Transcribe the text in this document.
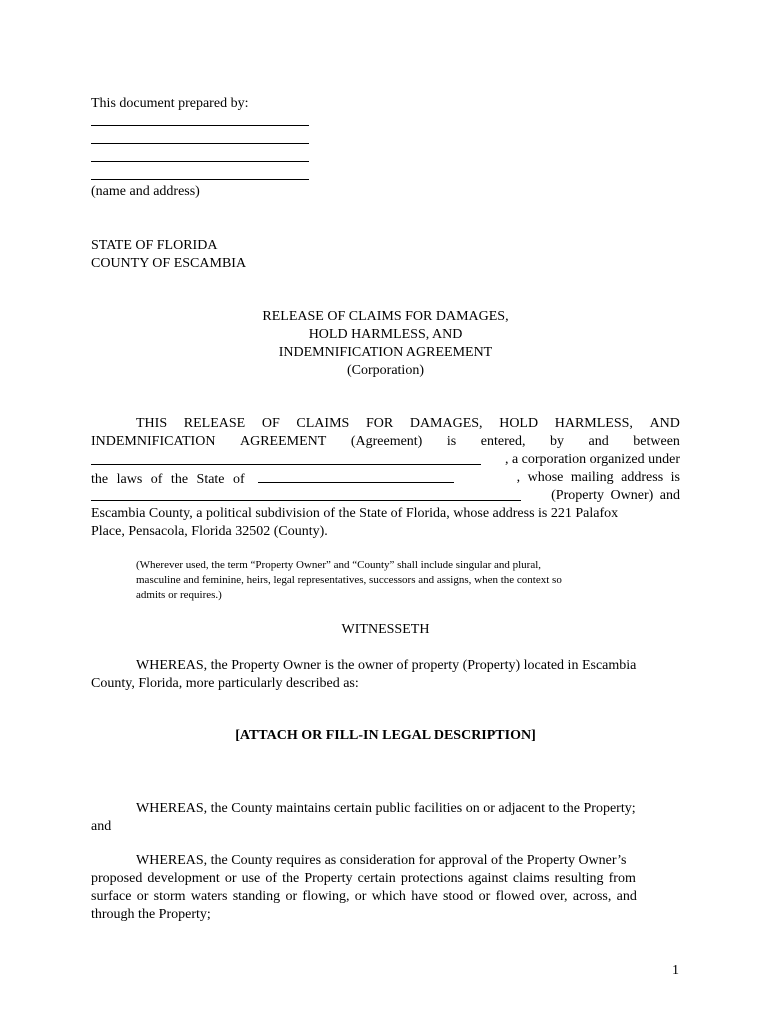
This document prepared by:
(name and address)
STATE OF FLORIDA
COUNTY OF ESCAMBIA
RELEASE OF CLAIMS FOR DAMAGES,
HOLD HARMLESS, AND
INDEMNIFICATION AGREEMENT
(Corporation)
THIS RELEASE OF CLAIMS FOR DAMAGES, HOLD HARMLESS, AND
INDEMNIFICATION AGREEMENT (Agreement) is entered, by and between
, a corporation organized under
the laws of the State of	, whose mailing address is
(Property Owner) and
Escambia County, a political subdivision of the State of Florida, whose address is 221 Palafox
Place, Pensacola, Florida 32502 (County).
(Wherever used, the term “Property Owner” and “County” shall include singular and plural,
masculine and feminine, heirs, legal representatives, successors and assigns, when the context so
admits or requires.)
WITNESSETH
WHEREAS, the Property Owner is the owner of property (Property) located in Escambia
County, Florida, more particularly described as:
[ATTACH OR FILL-IN LEGAL DESCRIPTION]
WHEREAS, the County maintains certain public facilities on or adjacent to the Property;
and
WHEREAS, the County requires as consideration for approval of the Property Owner’s
proposed development or use of the Property certain protections against claims resulting from
surface or storm waters standing or flowing, or which have stood or flowed over, across, and
through the Property;
1
